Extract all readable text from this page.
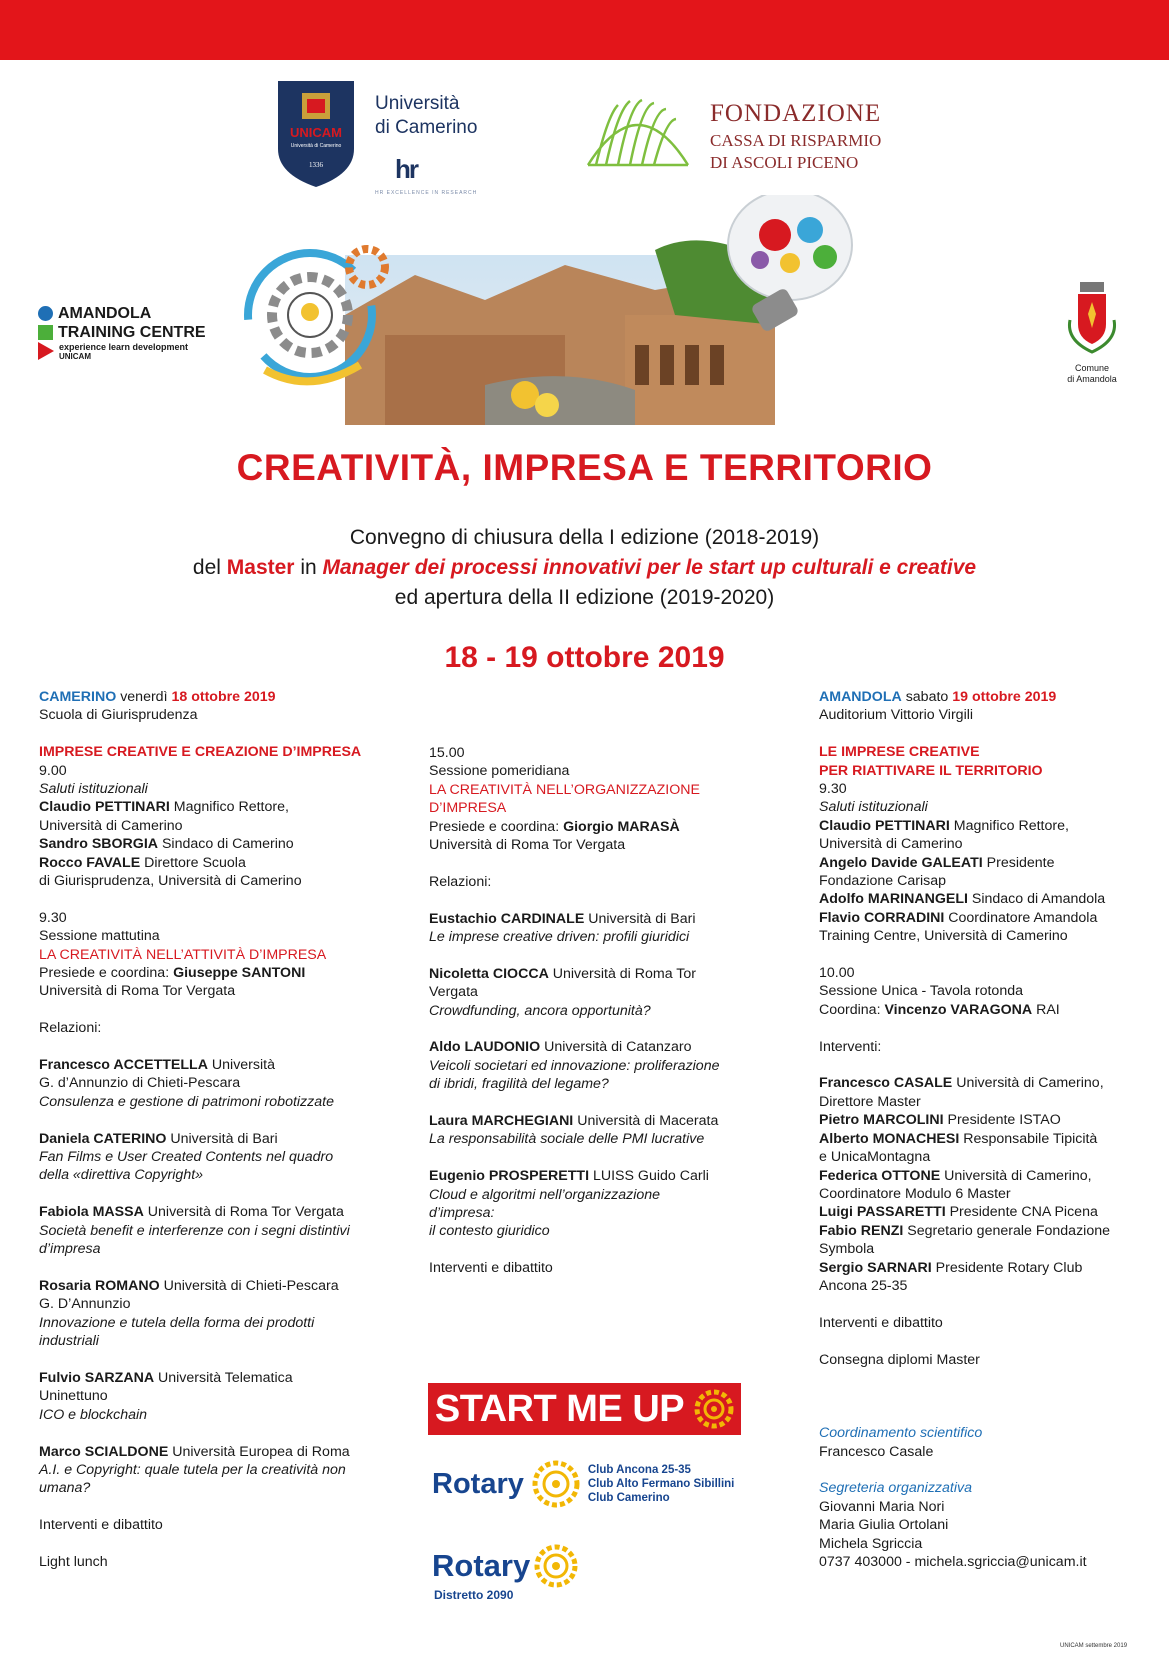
UNICAM
Università di Camerino
1336
Università
di Camerino
hr
HR EXCELLENCE IN RESEARCH
FONDAZIONE
CASSA DI RISPARMIO
DI ASCOLI PICENO
AMANDOLA
TRAINING CENTRE
experience learn development
UNICAM
Comune
di Amandola
CREATIVITÀ, IMPRESA E TERRITORIO
Convegno di chiusura della I edizione (2018-2019)
del Master in Manager dei processi innovativi per le start up culturali e creative
ed apertura della II edizione (2019-2020)
18 - 19 ottobre 2019

CAMERINO venerdì 18 ottobre 2019

Scuola di Giurisprudenza

IMPRESE CREATIVE E CREAZIONE D’IMPRESA

9.00

Saluti istituzionali

Claudio PETTINARI Magnifico Rettore,

Università di Camerino

Sandro SBORGIA Sindaco di Camerino

Rocco FAVALE Direttore Scuola

di Giurisprudenza, Università di Camerino

9.30

Sessione mattutina

LA CREATIVITÀ NELL’ATTIVITÀ D’IMPRESA

Presiede e coordina: Giuseppe SANTONI

Università di Roma Tor Vergata

Relazioni:

Francesco ACCETTELLA Università

G. d’Annunzio di Chieti-Pescara

Consulenza e gestione di patrimoni robotizzate

Daniela CATERINO Università di Bari

Fan Films e User Created Contents nel quadro

della «direttiva Copyright»

Fabiola MASSA Università di Roma Tor Vergata

Società benefit e interferenze con i segni distintivi

d’impresa

Rosaria ROMANO Università di Chieti-Pescara

G. D’Annunzio

Innovazione e tutela della forma dei prodotti

industriali

Fulvio SARZANA Università Telematica

Uninettuno

ICO e blockchain

Marco SCIALDONE Università Europea di Roma

A.I. e Copyright: quale tutela per la creatività non

umana?

Interventi e dibattito

Light lunch

15.00

Sessione pomeridiana

LA CREATIVITÀ NELL’ORGANIZZAZIONE

D’IMPRESA

Presiede e coordina: Giorgio MARASÀ

Università di Roma Tor Vergata

Relazioni:

Eustachio CARDINALE Università di Bari

Le imprese creative driven: profili giuridici

Nicoletta CIOCCA Università di Roma Tor

Vergata

Crowdfunding, ancora opportunità?

Aldo LAUDONIO Università di Catanzaro

Veicoli societari ed innovazione: proliferazione

di ibridi, fragilità del legame?

Laura MARCHEGIANI Università di Macerata

La responsabilità sociale delle PMI lucrative

Eugenio PROSPERETTI LUISS Guido Carli

Cloud e algoritmi nell’organizzazione d’impresa:

il contesto giuridico

Interventi e dibattito

AMANDOLA sabato 19 ottobre 2019

Auditorium Vittorio Virgili

LE IMPRESE CREATIVE

PER RIATTIVARE IL TERRITORIO

9.30

Saluti istituzionali

Claudio PETTINARI Magnifico Rettore,

Università di Camerino

Angelo Davide GALEATI Presidente

Fondazione Carisap

Adolfo MARINANGELI Sindaco di Amandola

Flavio CORRADINI Coordinatore Amandola

Training Centre, Università di Camerino

10.00

Sessione Unica - Tavola rotonda

Coordina: Vincenzo VARAGONA RAI

Interventi:

Francesco CASALE Università di Camerino,

Direttore Master

Pietro MARCOLINI Presidente ISTAO

Alberto MONACHESI Responsabile Tipicità

e UnicaMontagna

Federica OTTONE Università di Camerino,

Coordinatore Modulo 6 Master

Luigi PASSARETTI Presidente CNA Picena

Fabio RENZI Segretario generale Fondazione

Symbola

Sergio SARNARI Presidente Rotary Club

Ancona 25-35

Interventi e dibattito

Consegna diplomi Master

Coordinamento scientifico

Francesco Casale

Segreteria organizzativa

Giovanni Maria Nori

Maria Giulia Ortolani

Michela Sgriccia

0737 403000 - michela.sgriccia@unicam.it

START ME UP
Rotary	Club Ancona 25-35
Club Alto Fermano Sibillini
Club Camerino
Rotary
Distretto 2090
UNICAM settembre 2019
